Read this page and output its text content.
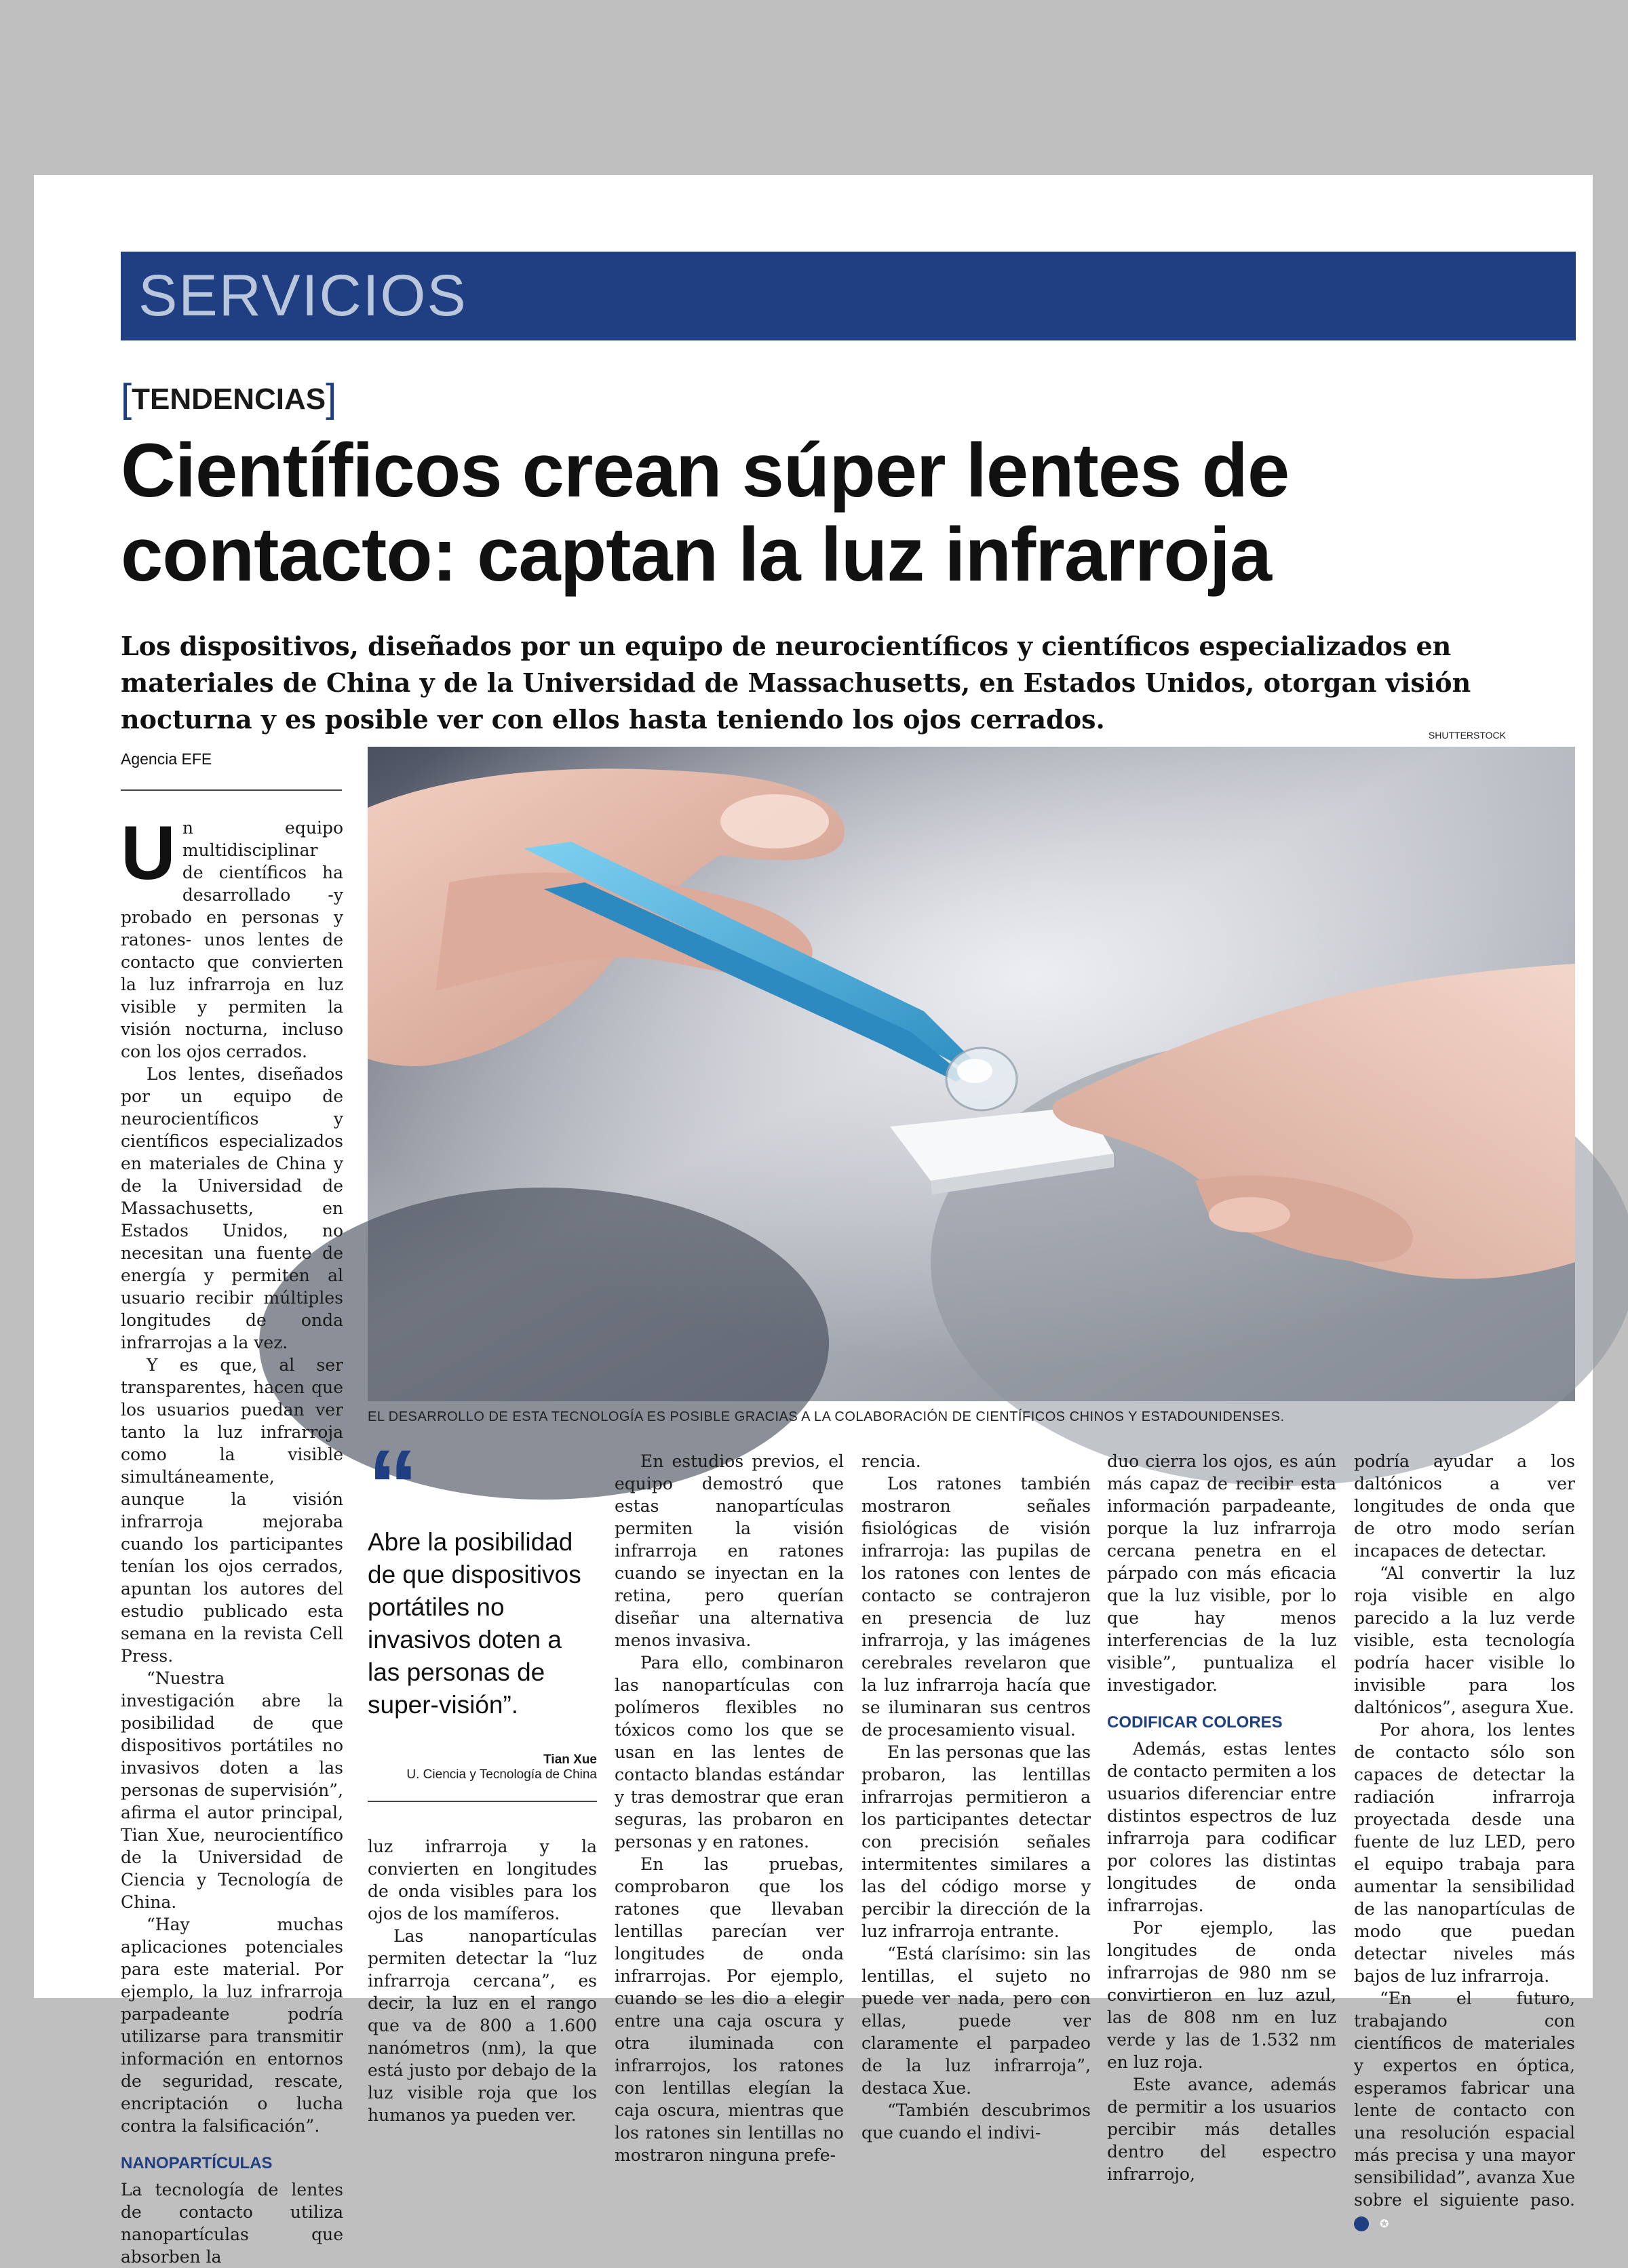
SERVICIOS
[TENDENCIAS]
Científicos crean súper lentes de contacto: captan la luz infrarroja
Los dispositivos, diseñados por un equipo de neurocientíficos y científicos especializados en materiales de China y de la Universidad de Massachusetts, en Estados Unidos, otorgan visión nocturna y es posible ver con ellos hasta teniendo los ojos cerrados.
Agencia EFE
SHUTTERSTOCK
EL DESARROLLO DE ESTA TECNOLOGÍA ES POSIBLE GRACIAS A LA COLABORACIÓN DE CIENTÍFICOS CHINOS Y ESTADOUNIDENSES.

Un equipo multidisciplinar de científicos ha desarrollado -y probado en personas y ratones- unos lentes de contacto que convierten la luz infrarroja en luz visible y permiten la visión nocturna, incluso con los ojos cerrados.

Los lentes, diseñados por un equipo de neurocientíficos y científicos especializados en materiales de China y de la Universidad de Massachusetts, en Estados Unidos, no necesitan una fuente de energía y permiten al usuario recibir múltiples longitudes de onda infrarrojas a la vez.

Y es que, al ser transparentes, hacen que los usuarios puedan ver tanto la luz infrarroja como la visible simultáneamente, aunque la visión infrarroja mejoraba cuando los participantes tenían los ojos cerrados, apuntan los autores del estudio publicado esta semana en la revista Cell Press.

“Nuestra investigación abre la posibilidad de que dispositivos portátiles no invasivos doten a las personas de supervisión”, afirma el autor principal, Tian Xue, neurocientífico de la Universidad de Ciencia y Tecnología de China.

“Hay muchas aplicaciones potenciales para este material. Por ejemplo, la luz infrarroja parpadeante podría utilizarse para transmitir información en entornos de seguridad, rescate, encriptación o lucha contra la falsificación”.

NANOPARTÍCULAS

La tecnología de lentes de contacto utiliza nanopartículas que absorben la

“
Abre la posibilidad de que dispositivos portátiles no invasivos doten a las personas de super-visión”.
Tian Xue
U. Ciencia y Tecnología de China

luz infrarroja y la convierten en longitudes de onda visibles para los ojos de los mamíferos.

Las nanopartículas permiten detectar la “luz infrarroja cercana”, es decir, la luz en el rango que va de 800 a 1.600 nanómetros (nm), la que está justo por debajo de la luz visible roja que los humanos ya pueden ver.

En estudios previos, el equipo demostró que estas nanopartículas permiten la visión infrarroja en ratones cuando se inyectan en la retina, pero querían diseñar una alternativa menos invasiva.

Para ello, combinaron las nanopartículas con polímeros flexibles no tóxicos como los que se usan en las lentes de contacto blandas estándar y tras demostrar que eran seguras, las probaron en personas y en ratones.

En las pruebas, comprobaron que los ratones que llevaban lentillas parecían ver longitudes de onda infrarrojas. Por ejemplo, cuando se les dio a elegir entre una caja oscura y otra iluminada con infrarrojos, los ratones con lentillas elegían la caja oscura, mientras que los ratones sin lentillas no mostraron ninguna prefe-

rencia.

Los ratones también mostraron señales fisiológicas de visión infrarroja: las pupilas de los ratones con lentes de contacto se contrajeron en presencia de luz infrarroja, y las imágenes cerebrales revelaron que la luz infrarroja hacía que se iluminaran sus centros de procesamiento visual.

En las personas que las probaron, las lentillas infrarrojas permitieron a los participantes detectar con precisión señales intermitentes similares a las del código morse y percibir la dirección de la luz infrarroja entrante.

“Está clarísimo: sin las lentillas, el sujeto no puede ver nada, pero con ellas, puede ver claramente el parpadeo de la luz infrarroja”, destaca Xue.

“También descubrimos que cuando el indivi-

duo cierra los ojos, es aún más capaz de recibir esta información parpadeante, porque la luz infrarroja cercana penetra en el párpado con más eficacia que la luz visible, por lo que hay menos interferencias de la luz visible”, puntualiza el investigador.

CODIFICAR COLORES

Además, estas lentes de contacto permiten a los usuarios diferenciar entre distintos espectros de luz infrarroja para codificar por colores las distintas longitudes de onda infrarrojas.

Por ejemplo, las longitudes de onda infrarrojas de 980 nm se convirtieron en luz azul, las de 808 nm en luz verde y las de 1.532 nm en luz roja.

Este avance, además de permitir a los usuarios percibir más detalles dentro del espectro infrarrojo,

podría ayudar a los daltónicos a ver longitudes de onda que de otro modo serían incapaces de detectar.

“Al convertir la luz roja visible en algo parecido a la luz verde visible, esta tecnología podría hacer visible lo invisible para los daltónicos”, asegura Xue.

Por ahora, los lentes de contacto sólo son capaces de detectar la radiación infrarroja proyectada desde una fuente de luz LED, pero el equipo trabaja para aumentar la sensibilidad de las nanopartículas de modo que puedan detectar niveles más bajos de luz infrarroja.

“En el futuro, trabajando con científicos de materiales y expertos en óptica, esperamos fabricar una lente de contacto con una resolución espacial más precisa y una mayor sensibilidad”, avanza Xue sobre el siguiente paso. ✪
